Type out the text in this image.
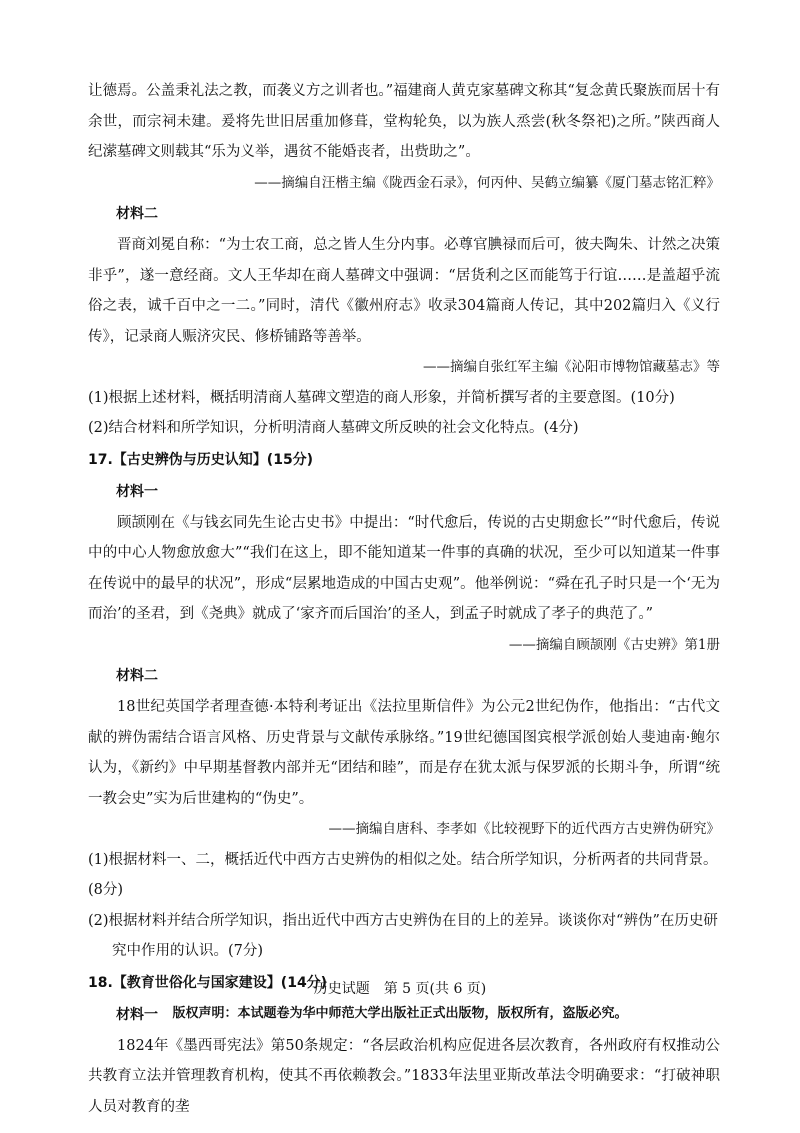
让德焉。公盖秉礼法之教，而袭义方之训者也。”福建商人黄克家墓碑文称其“复念黄氏聚族而居十有余世，而宗祠未建。爰将先世旧居重加修葺，堂构轮奂，以为族人烝尝(秋冬祭祀)之所。”陕西商人纪潆墓碑文则载其“乐为义举，遇贫不能婚丧者，出赀助之”。

——摘编自汪楷主编《陇西金石录》，何丙仲、吴鹤立编纂《厦门墓志铭汇粹》

材料二

晋商刘冕自称：“为士农工商，总之皆人生分内事。必尊官腆禄而后可，彼夫陶朱、计然之决策非乎”，遂一意经商。文人王华却在商人墓碑文中强调：“居货利之区而能笃于行谊……是盖超乎流俗之表，诚千百中之一二。”同时，清代《徽州府志》收录304篇商人传记，其中202篇归入《义行传》，记录商人赈济灾民、修桥铺路等善举。

——摘编自张红军主编《沁阳市博物馆藏墓志》等

(1)根据上述材料，概括明清商人墓碑文塑造的商人形象，并简析撰写者的主要意图。(10分)

(2)结合材料和所学知识，分析明清商人墓碑文所反映的社会文化特点。(4分)

17.【古史辨伪与历史认知】(15分)

材料一

顾颉刚在《与钱玄同先生论古史书》中提出：“时代愈后，传说的古史期愈长”“时代愈后，传说中的中心人物愈放愈大”“我们在这上，即不能知道某一件事的真确的状况，至少可以知道某一件事在传说中的最早的状况”，形成“层累地造成的中国古史观”。他举例说：“舜在孔子时只是一个‘无为而治’的圣君，到《尧典》就成了‘家齐而后国治’的圣人，到孟子时就成了孝子的典范了。”

——摘编自顾颉刚《古史辨》第1册

材料二

18世纪英国学者理查德·本特利考证出《法拉里斯信件》为公元2世纪伪作，他指出：“古代文献的辨伪需结合语言风格、历史背景与文献传承脉络。”19世纪德国图宾根学派创始人斐迪南·鲍尔认为，《新约》中早期基督教内部并无“团结和睦”，而是存在犹太派与保罗派的长期斗争，所谓“统一教会史”实为后世建构的“伪史”。

——摘编自唐科、李孝如《比较视野下的近代西方古史辨伪研究》

(1)根据材料一、二，概括近代中西方古史辨伪的相似之处。结合所学知识，分析两者的共同背景。(8分)

(2)根据材料并结合所学知识，指出近代中西方古史辨伪在目的上的差异。谈谈你对“辨伪”在历史研究中作用的认识。(7分)

18.【教育世俗化与国家建设】(14分)

材料一

1824年《墨西哥宪法》第50条规定：“各层政治机构应促进各层次教育，各州政府有权推动公共教育立法并管理教育机构，使其不再依赖教会。”1833年法里亚斯改革法令明确要求：“打破神职人员对教育的垄

历史试题　第 5 页(共 6 页)
版权声明：本试题卷为华中师范大学出版社正式出版物，版权所有，盗版必究。
